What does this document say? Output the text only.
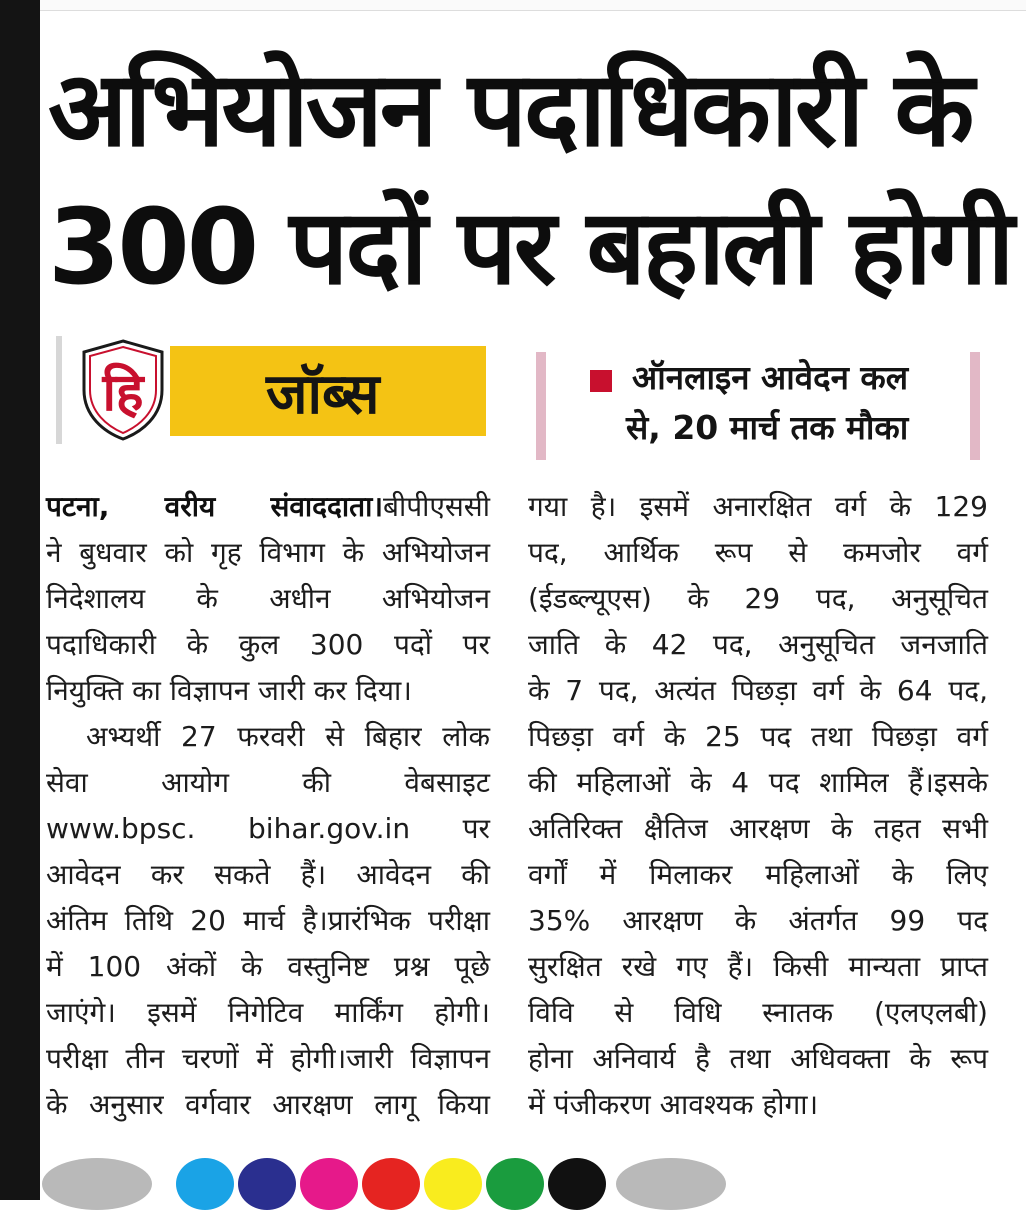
अभियोजन पदाधिकारी के
300 पदों पर बहाली होगी
हि जॉब्स	ऑनलाइन आवेदन कल
से, 20 मार्च तक मौका
पटना, वरीय संवाददाता।बीपीएससी
ने बुधवार को गृह विभाग के अभियोजन
निदेशालय के अधीन अभियोजन
पदाधिकारी के कुल 300 पदों पर
नियुक्ति का विज्ञापन जारी कर दिया।
अभ्यर्थी 27 फरवरी से बिहार लोक
सेवा आयोग की वेबसाइट
www.bpsc. bihar.gov.in पर
आवेदन कर सकते हैं। आवेदन की
अंतिम तिथि 20 मार्च है।प्रारंभिक परीक्षा
में 100 अंकों के वस्तुनिष्ट प्रश्न पूछे
जाएंगे। इसमें निगेटिव मार्किंग होगी।
परीक्षा तीन चरणों में होगी।जारी विज्ञापन
के अनुसार वर्गवार आरक्षण लागू किया
गया है। इसमें अनारक्षित वर्ग के 129
पद, आर्थिक रूप से कमजोर वर्ग
(ईडब्ल्यूएस) के 29 पद, अनुसूचित
जाति के 42 पद, अनुसूचित जनजाति
के 7 पद, अत्यंत पिछड़ा वर्ग के 64 पद,
पिछड़ा वर्ग के 25 पद तथा पिछड़ा वर्ग
की महिलाओं के 4 पद शामिल हैं।इसके
अतिरिक्त क्षैतिज आरक्षण के तहत सभी
वर्गों में मिलाकर महिलाओं के लिए
35% आरक्षण के अंतर्गत 99 पद
सुरक्षित रखे गए हैं। किसी मान्यता प्राप्त
विवि से विधि स्नातक (एलएलबी)
होना अनिवार्य है तथा अधिवक्ता के रूप
में पंजीकरण आवश्यक होगा।
